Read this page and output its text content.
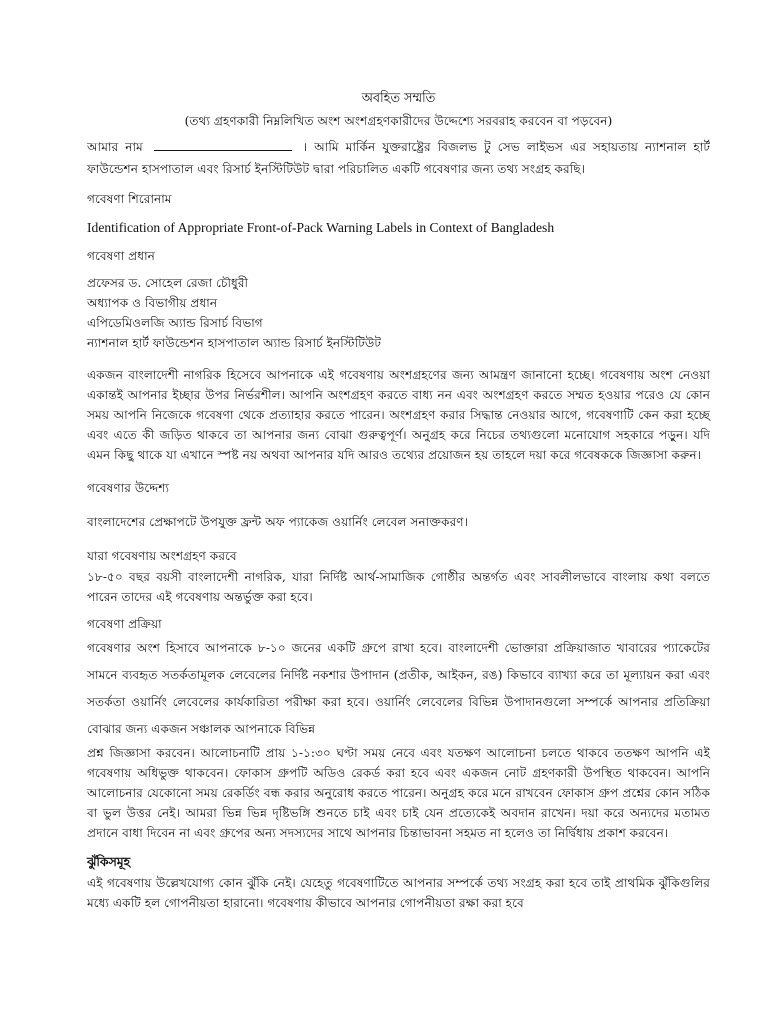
অবহিত সম্মতি

(তথ্য গ্রহণকারী নিম্নলিখিত অংশ অংশগ্রহণকারীদের উদ্দেশ্যে সরবরাহ করবেন বা পড়বেন)

আমার নাম	। আমি মার্কিন যুক্তরাষ্ট্রের বিজলভ টু সেভ লাইভস এর সহায়তায় ন্যাশনাল হার্ট ফাউন্ডেশন হাসপাতাল এবং রিসার্চ ইনস্টিটিউট দ্বারা পরিচালিত একটি গবেষণার জন্য তথ্য সংগ্রহ করছি।

গবেষণা শিরোনাম

Identification of Appropriate Front-of-Pack Warning Labels in Context of Bangladesh

গবেষণা প্রধান

প্রফেসর ড. সোহেল রেজা চৌধুরী

অধ্যাপক ও বিভাগীয় প্রধান

এপিডেমিওলজি অ্যান্ড রিসার্চ বিভাগ

ন্যাশনাল হার্ট ফাউন্ডেশন হাসপাতাল অ্যান্ড রিসার্চ ইনস্টিটিউট

একজন বাংলাদেশী নাগরিক হিসেবে আপনাকে এই গবেষণায় অংশগ্রহণের জন্য আমন্ত্রণ জানানো হচ্ছে। গবেষণায় অংশ নেওয়া একান্তই আপনার ইচ্ছার উপর নির্ভরশীল। আপনি অংশগ্রহণ করতে বাধ্য নন এবং অংশগ্রহণ করতে সম্মত হওয়ার পরেও যে কোন সময় আপনি নিজেকে গবেষণা থেকে প্রত্যাহার করতে পারেন। অংশগ্রহণ করার সিদ্ধান্ত নেওয়ার আগে, গবেষণাটি কেন করা হচ্ছে এবং এতে কী জড়িত থাকবে তা আপনার জন্য বোঝা গুরুত্বপূর্ণ। অনুগ্রহ করে নিচের তথ্যগুলো মনোযোগ সহকারে পড়ুন। যদি এমন কিছু থাকে যা এখানে স্পষ্ট নয় অথবা আপনার যদি আরও তথ্যের প্রয়োজন হয় তাহলে দয়া করে গবেষককে জিজ্ঞাসা করুন।

গবেষণার উদ্দেশ্য

বাংলাদেশের প্রেক্ষাপটে উপযুক্ত ফ্রন্ট অফ প্যাকেজ ওয়ার্নিং লেবেল সনাক্তকরণ।

যারা গবেষণায় অংশগ্রহণ করবে

১৮-৫০ বছর বয়সী বাংলাদেশী নাগরিক, যারা নির্দিষ্ট আর্থ-সামাজিক গোষ্ঠীর অন্তর্গত এবং সাবলীলভাবে বাংলায় কথা বলতে পারেন তাদের এই গবেষণায় অন্তর্ভুক্ত করা হবে।

গবেষণা প্রক্রিয়া

গবেষণার অংশ হিসাবে আপনাকে ৮-১০ জনের একটি গ্রুপে রাখা হবে। বাংলাদেশী ভোক্তারা প্রক্রিয়াজাত খাবারের প্যাকেটের সামনে ব্যবহৃত সতর্কতামূলক লেবেলের নির্দিষ্ট নকশার উপাদান (প্রতীক, আইকন, রঙ) কিভাবে ব্যাখ্যা করে তা মূল্যায়ন করা এবং সতর্কতা ওয়ার্নিং লেবেলের কার্যকারিতা পরীক্ষা করা হবে। ওয়ার্নিং লেবেলের বিভিন্ন উপাদানগুলো সম্পর্কে আপনার প্রতিক্রিয়া বোঝার জন্য একজন সঞ্চালক আপনাকে বিভিন্ন

প্রশ্ন জিজ্ঞাসা করবেন। আলোচনাটি প্রায় ১-১:৩০ ঘণ্টা সময় নেবে এবং যতক্ষণ আলোচনা চলতে থাকবে ততক্ষণ আপনি এই গবেষণায় অধিভুক্ত থাকবেন। ফোকাস গ্রুপটি অডিও রেকর্ড করা হবে এবং একজন নোট গ্রহণকারী উপস্থিত থাকবেন। আপনি আলোচনার যেকোনো সময় রেকর্ডিং বন্ধ করার অনুরোধ করতে পারেন। অনুগ্রহ করে মনে রাখবেন ফোকাস গ্রুপ প্রশ্নের কোন সঠিক বা ভুল উত্তর নেই। আমরা ভিন্ন ভিন্ন দৃষ্টিভঙ্গি শুনতে চাই এবং চাই যেন প্রত্যেকেই অবদান রাখেন। দয়া করে অন্যদের মতামত প্রদানে বাধা দিবেন না এবং গ্রুপের অন্য সদস্যদের সাথে আপনার চিন্তাভাবনা সহমত না হলেও তা নির্দ্বিধায় প্রকাশ করবেন।

ঝুঁকিসমূহ

এই গবেষণায় উল্লেখযোগ্য কোন ঝুঁকি নেই। যেহেতু গবেষণাটিতে আপনার সম্পর্কে তথ্য সংগ্রহ করা হবে তাই প্রাথমিক ঝুঁকিগুলির মধ্যে একটি হল গোপনীয়তা হারানো। গবেষণায় কীভাবে আপনার গোপনীয়তা রক্ষা করা হবে
